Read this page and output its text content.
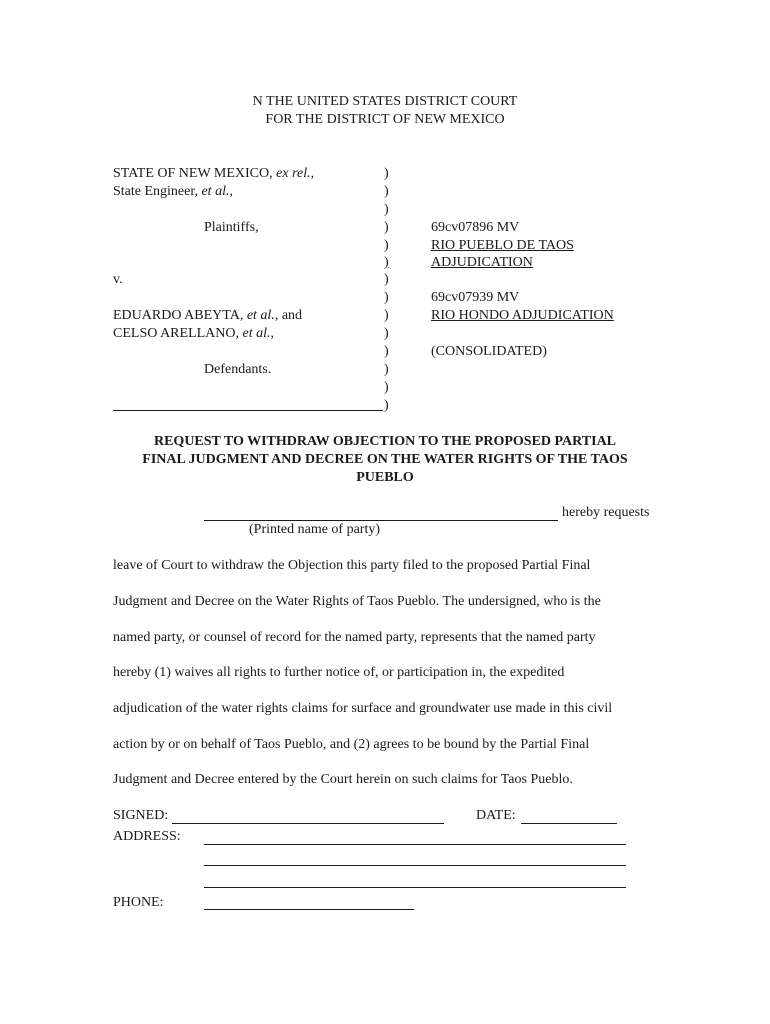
N THE UNITED STATES DISTRICT COURT
FOR THE DISTRICT OF NEW MEXICO
STATE OF NEW MEXICO, ex rel.,
State Engineer, et al.,
Plaintiffs,
v.
EDUARDO ABEYTA, et al., and
CELSO ARELLANO, et al.,
Defendants.
)
)
)
)
)
)
)
)
)
)
)
)
)
)
69cv07896 MV
RIO PUEBLO DE TAOS
ADJUDICATION
69cv07939 MV
RIO HONDO ADJUDICATION
(CONSOLIDATED)
REQUEST TO WITHDRAW OBJECTION TO THE PROPOSED PARTIAL
FINAL JUDGMENT AND DECREE ON THE WATER RIGHTS OF THE TAOS
PUEBLO
hereby requests
(Printed name of party)
leave of Court to withdraw the Objection this party filed to the proposed Partial Final
Judgment and Decree on the Water Rights of Taos Pueblo. The undersigned, who is the
named party, or counsel of record for the named party, represents that the named party
hereby (1) waives all rights to further notice of, or participation in, the expedited
adjudication of the water rights claims for surface and groundwater use made in this civil
action by or on behalf of Taos Pueblo, and (2) agrees to be bound by the Partial Final
Judgment and Decree entered by the Court herein on such claims for Taos Pueblo.
SIGNED:	DATE:
ADDRESS:
PHONE:
